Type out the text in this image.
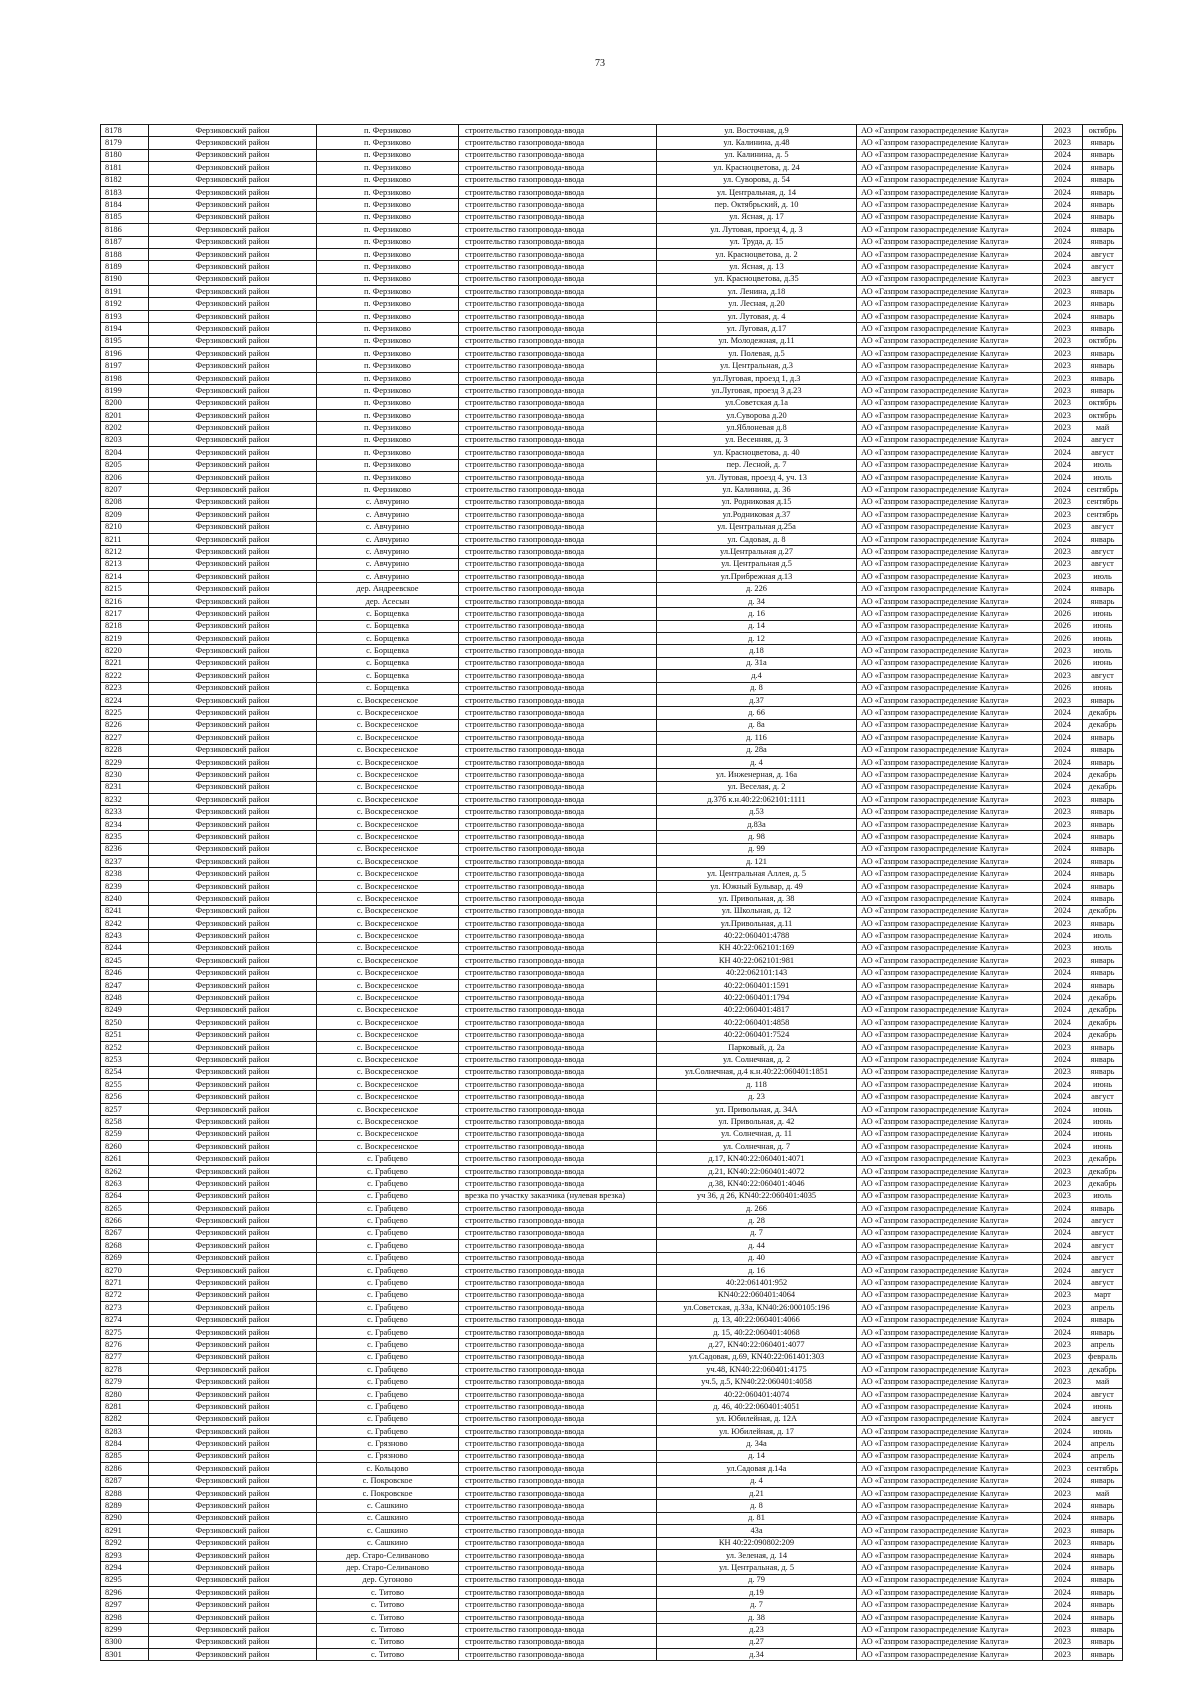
73
8178	Ферзиковский район	п. Ферзиково	строительство газопровода-ввода	ул. Восточная, д.9	АО «Газпром газораспределение Калуга»	2023	октябрь
8179	Ферзиковский район	п. Ферзиково	строительство газопровода-ввода	ул. Калинина, д.48	АО «Газпром газораспределение Калуга»	2023	январь
8180	Ферзиковский район	п. Ферзиково	строительство газопровода-ввода	ул. Калинина, д. 5	АО «Газпром газораспределение Калуга»	2024	январь
8181	Ферзиковский район	п. Ферзиково	строительство газопровода-ввода	ул. Красноцветова, д. 24	АО «Газпром газораспределение Калуга»	2024	январь
8182	Ферзиковский район	п. Ферзиково	строительство газопровода-ввода	ул. Суворова, д. 54	АО «Газпром газораспределение Калуга»	2024	январь
8183	Ферзиковский район	п. Ферзиково	строительство газопровода-ввода	ул. Центральная, д. 14	АО «Газпром газораспределение Калуга»	2024	январь
8184	Ферзиковский район	п. Ферзиково	строительство газопровода-ввода	пер. Октябрьский, д. 10	АО «Газпром газораспределение Калуга»	2024	январь
8185	Ферзиковский район	п. Ферзиково	строительство газопровода-ввода	ул. Ясная, д. 17	АО «Газпром газораспределение Калуга»	2024	январь
8186	Ферзиковский район	п. Ферзиково	строительство газопровода-ввода	ул. Лутовая, проезд 4, д. 3	АО «Газпром газораспределение Калуга»	2024	январь
8187	Ферзиковский район	п. Ферзиково	строительство газопровода-ввода	ул. Труда, д. 15	АО «Газпром газораспределение Калуга»	2024	январь
8188	Ферзиковский район	п. Ферзиково	строительство газопровода-ввода	ул. Красноцветова, д. 2	АО «Газпром газораспределение Калуга»	2024	август
8189	Ферзиковский район	п. Ферзиково	строительство газопровода-ввода	ул. Ясная, д. 13	АО «Газпром газораспределение Калуга»	2024	август
8190	Ферзиковский район	п. Ферзиково	строительство газопровода-ввода	ул. Красноцветова, д.35	АО «Газпром газораспределение Калуга»	2023	август
8191	Ферзиковский район	п. Ферзиково	строительство газопровода-ввода	ул. Ленина, д.18	АО «Газпром газораспределение Калуга»	2023	январь
8192	Ферзиковский район	п. Ферзиково	строительство газопровода-ввода	ул. Лесная, д.20	АО «Газпром газораспределение Калуга»	2023	январь
8193	Ферзиковский район	п. Ферзиково	строительство газопровода-ввода	ул. Лутовая, д. 4	АО «Газпром газораспределение Калуга»	2024	январь
8194	Ферзиковский район	п. Ферзиково	строительство газопровода-ввода	ул. Луговая, д.17	АО «Газпром газораспределение Калуга»	2023	январь
8195	Ферзиковский район	п. Ферзиково	строительство газопровода-ввода	ул. Молодежная, д.11	АО «Газпром газораспределение Калуга»	2023	октябрь
8196	Ферзиковский район	п. Ферзиково	строительство газопровода-ввода	ул. Полевая, д.5	АО «Газпром газораспределение Калуга»	2023	январь
8197	Ферзиковский район	п. Ферзиково	строительство газопровода-ввода	ул. Центральная, д.3	АО «Газпром газораспределение Калуга»	2023	январь
8198	Ферзиковский район	п. Ферзиково	строительство газопровода-ввода	ул.Луговая, проезд 1, д.3	АО «Газпром газораспределение Калуга»	2023	январь
8199	Ферзиковский район	п. Ферзиково	строительство газопровода-ввода	ул.Луговая, проезд 3 д.23	АО «Газпром газораспределение Калуга»	2023	январь
8200	Ферзиковский район	п. Ферзиково	строительство газопровода-ввода	ул.Советская д.1а	АО «Газпром газораспределение Калуга»	2023	октябрь
8201	Ферзиковский район	п. Ферзиково	строительство газопровода-ввода	ул.Суворова д.20	АО «Газпром газораспределение Калуга»	2023	октябрь
8202	Ферзиковский район	п. Ферзиково	строительство газопровода-ввода	ул.Яблоневая д.8	АО «Газпром газораспределение Калуга»	2023	май
8203	Ферзиковский район	п. Ферзиково	строительство газопровода-ввода	ул. Весенняя, д. 3	АО «Газпром газораспределение Калуга»	2024	август
8204	Ферзиковский район	п. Ферзиково	строительство газопровода-ввода	ул. Красноцветова, д. 40	АО «Газпром газораспределение Калуга»	2024	август
8205	Ферзиковский район	п. Ферзиково	строительство газопровода-ввода	пер. Лесной, д. 7	АО «Газпром газораспределение Калуга»	2024	июль
8206	Ферзиковский район	п. Ферзиково	строительство газопровода-ввода	ул. Лутовая, проезд 4, уч. 13	АО «Газпром газораспределение Калуга»	2024	июль
8207	Ферзиковский район	п. Ферзиково	строительство газопровода-ввода	ул. Калинина, д. 36	АО «Газпром газораспределение Калуга»	2024	сентябрь
8208	Ферзиковский район	с. Авчурино	строительство газопровода-ввода	ул. Родниковая д.15	АО «Газпром газораспределение Калуга»	2023	сентябрь
8209	Ферзиковский район	с. Авчурино	строительство газопровода-ввода	ул.Родниковая д.37	АО «Газпром газораспределение Калуга»	2023	сентябрь
8210	Ферзиковский район	с. Авчурино	строительство газопровода-ввода	ул. Центральная д.25а	АО «Газпром газораспределение Калуга»	2023	август
8211	Ферзиковский район	с. Авчурино	строительство газопровода-ввода	ул. Садовая, д. 8	АО «Газпром газораспределение Калуга»	2024	январь
8212	Ферзиковский район	с. Авчурино	строительство газопровода-ввода	ул.Центральная д.27	АО «Газпром газораспределение Калуга»	2023	август
8213	Ферзиковский район	с. Авчурино	строительство газопровода-ввода	ул. Центральная д.5	АО «Газпром газораспределение Калуга»	2023	август
8214	Ферзиковский район	с. Авчурино	строительство газопровода-ввода	ул.Прибрежная д.13	АО «Газпром газораспределение Калуга»	2023	июль
8215	Ферзиковский район	дер. Андреевское	строительство газопровода-ввода	д. 226	АО «Газпром газораспределение Калуга»	2024	январь
8216	Ферзиковский район	дер. Асесын	строительство газопровода-ввода	д. 34	АО «Газпром газораспределение Калуга»	2024	январь
8217	Ферзиковский район	с. Борщевка	строительство газопровода-ввода	д. 16	АО «Газпром газораспределение Калуга»	2026	июнь
8218	Ферзиковский район	с. Борщевка	строительство газопровода-ввода	д. 14	АО «Газпром газораспределение Калуга»	2026	июнь
8219	Ферзиковский район	с. Борщевка	строительство газопровода-ввода	д. 12	АО «Газпром газораспределение Калуга»	2026	июнь
8220	Ферзиковский район	с. Борщевка	строительство газопровода-ввода	д.18	АО «Газпром газораспределение Калуга»	2023	июль
8221	Ферзиковский район	с. Борщевка	строительство газопровода-ввода	д. 31а	АО «Газпром газораспределение Калуга»	2026	июнь
8222	Ферзиковский район	с. Борщевка	строительство газопровода-ввода	д.4	АО «Газпром газораспределение Калуга»	2023	август
8223	Ферзиковский район	с. Борщевка	строительство газопровода-ввода	д. 8	АО «Газпром газораспределение Калуга»	2026	июнь
8224	Ферзиковский район	с. Воскресенское	строительство газопровода-ввода	д.37	АО «Газпром газораспределение Калуга»	2023	январь
8225	Ферзиковский район	с. Воскресенское	строительство газопровода-ввода	д. 66	АО «Газпром газораспределение Калуга»	2024	декабрь
8226	Ферзиковский район	с. Воскресенское	строительство газопровода-ввода	д. 8а	АО «Газпром газораспределение Калуга»	2024	декабрь
8227	Ферзиковский район	с. Воскресенское	строительство газопровода-ввода	д. 116	АО «Газпром газораспределение Калуга»	2024	январь
8228	Ферзиковский район	с. Воскресенское	строительство газопровода-ввода	д. 28а	АО «Газпром газораспределение Калуга»	2024	январь
8229	Ферзиковский район	с. Воскресенское	строительство газопровода-ввода	д. 4	АО «Газпром газораспределение Калуга»	2024	январь
8230	Ферзиковский район	с. Воскресенское	строительство газопровода-ввода	ул. Инженерная, д. 16а	АО «Газпром газораспределение Калуга»	2024	декабрь
8231	Ферзиковский район	с. Воскресенское	строительство газопровода-ввода	ул. Веселая, д. 2	АО «Газпром газораспределение Калуга»	2024	декабрь
8232	Ферзиковский район	с. Воскресенское	строительство газопровода-ввода	д.37б к.н.40:22:062101:1111	АО «Газпром газораспределение Калуга»	2023	январь
8233	Ферзиковский район	с. Воскресенское	строительство газопровода-ввода	д.53	АО «Газпром газораспределение Калуга»	2023	январь
8234	Ферзиковский район	с. Воскресенское	строительство газопровода-ввода	д.83а	АО «Газпром газораспределение Калуга»	2023	январь
8235	Ферзиковский район	с. Воскресенское	строительство газопровода-ввода	д. 98	АО «Газпром газораспределение Калуга»	2024	январь
8236	Ферзиковский район	с. Воскресенское	строительство газопровода-ввода	д. 99	АО «Газпром газораспределение Калуга»	2024	январь
8237	Ферзиковский район	с. Воскресенское	строительство газопровода-ввода	д. 121	АО «Газпром газораспределение Калуга»	2024	январь
8238	Ферзиковский район	с. Воскресенское	строительство газопровода-ввода	ул. Центральная Аллея, д. 5	АО «Газпром газораспределение Калуга»	2024	январь
8239	Ферзиковский район	с. Воскресенское	строительство газопровода-ввода	ул. Южный Бульвар, д. 49	АО «Газпром газораспределение Калуга»	2024	январь
8240	Ферзиковский район	с. Воскресенское	строительство газопровода-ввода	ул. Привольная, д. 38	АО «Газпром газораспределение Калуга»	2024	январь
8241	Ферзиковский район	с. Воскресенское	строительство газопровода-ввода	ул. Школьная, д. 12	АО «Газпром газораспределение Калуга»	2024	декабрь
8242	Ферзиковский район	с. Воскресенское	строительство газопровода-ввода	ул.Привольная, д.11	АО «Газпром газораспределение Калуга»	2023	январь
8243	Ферзиковский район	с. Воскресенское	строительство газопровода-ввода	40:22:060401:4788	АО «Газпром газораспределение Калуга»	2024	июль
8244	Ферзиковский район	с. Воскресенское	строительство газопровода-ввода	КН 40:22:062101:169	АО «Газпром газораспределение Калуга»	2023	июль
8245	Ферзиковский район	с. Воскресенское	строительство газопровода-ввода	КН 40:22:062101:981	АО «Газпром газораспределение Калуга»	2023	январь
8246	Ферзиковский район	с. Воскресенское	строительство газопровода-ввода	40:22:062101:143	АО «Газпром газораспределение Калуга»	2024	январь
8247	Ферзиковский район	с. Воскресенское	строительство газопровода-ввода	40:22:060401:1591	АО «Газпром газораспределение Калуга»	2024	январь
8248	Ферзиковский район	с. Воскресенское	строительство газопровода-ввода	40:22:060401:1794	АО «Газпром газораспределение Калуга»	2024	декабрь
8249	Ферзиковский район	с. Воскресенское	строительство газопровода-ввода	40:22:060401:4817	АО «Газпром газораспределение Калуга»	2024	декабрь
8250	Ферзиковский район	с. Воскресенское	строительство газопровода-ввода	40:22:060401:4858	АО «Газпром газораспределение Калуга»	2024	декабрь
8251	Ферзиковский район	с. Воскресенское	строительство газопровода-ввода	40:22:060401:7524	АО «Газпром газораспределение Калуга»	2024	декабрь
8252	Ферзиковский район	с. Воскресенское	строительство газопровода-ввода	Парковый, д. 2а	АО «Газпром газораспределение Калуга»	2023	январь
8253	Ферзиковский район	с. Воскресенское	строительство газопровода-ввода	ул. Солнечная, д. 2	АО «Газпром газораспределение Калуга»	2024	январь
8254	Ферзиковский район	с. Воскресенское	строительство газопровода-ввода	ул.Солнечная, д.4 к.н.40:22:060401:1851	АО «Газпром газораспределение Калуга»	2023	январь
8255	Ферзиковский район	с. Воскресенское	строительство газопровода-ввода	д. 118	АО «Газпром газораспределение Калуга»	2024	июнь
8256	Ферзиковский район	с. Воскресенское	строительство газопровода-ввода	д. 23	АО «Газпром газораспределение Калуга»	2024	август
8257	Ферзиковский район	с. Воскресенское	строительство газопровода-ввода	ул. Привольная, д. 34А	АО «Газпром газораспределение Калуга»	2024	июнь
8258	Ферзиковский район	с. Воскресенское	строительство газопровода-ввода	ул. Привольная, д. 42	АО «Газпром газораспределение Калуга»	2024	июнь
8259	Ферзиковский район	с. Воскресенское	строительство газопровода-ввода	ул. Солнечная, д. 11	АО «Газпром газораспределение Калуга»	2024	июнь
8260	Ферзиковский район	с. Воскресенское	строительство газопровода-ввода	ул. Солнечная, д. 7	АО «Газпром газораспределение Калуга»	2024	июнь
8261	Ферзиковский район	с. Грабцево	строительство газопровода-ввода	д.17, КN40:22:060401:4071	АО «Газпром газораспределение Калуга»	2023	декабрь
8262	Ферзиковский район	с. Грабцево	строительство газопровода-ввода	д.21, КN40:22:060401:4072	АО «Газпром газораспределение Калуга»	2023	декабрь
8263	Ферзиковский район	с. Грабцево	строительство газопровода-ввода	д.38, КN40:22:060401:4046	АО «Газпром газораспределение Калуга»	2023	декабрь
8264	Ферзиковский район	с. Грабцево	врезка по участку заказчика (нулевая врезка)	уч 36, д 26, КN40:22:060401:4035	АО «Газпром газораспределение Калуга»	2023	июль
8265	Ферзиковский район	с. Грабцево	строительство газопровода-ввода	д. 266	АО «Газпром газораспределение Калуга»	2024	январь
8266	Ферзиковский район	с. Грабцево	строительство газопровода-ввода	д. 28	АО «Газпром газораспределение Калуга»	2024	август
8267	Ферзиковский район	с. Грабцево	строительство газопровода-ввода	д. 7	АО «Газпром газораспределение Калуга»	2024	август
8268	Ферзиковский район	с. Грабцево	строительство газопровода-ввода	д. 44	АО «Газпром газораспределение Калуга»	2024	август
8269	Ферзиковский район	с. Грабцево	строительство газопровода-ввода	д. 40	АО «Газпром газораспределение Калуга»	2024	август
8270	Ферзиковский район	с. Грабцево	строительство газопровода-ввода	д. 16	АО «Газпром газораспределение Калуга»	2024	август
8271	Ферзиковский район	с. Грабцево	строительство газопровода-ввода	40:22:061401:952	АО «Газпром газораспределение Калуга»	2024	август
8272	Ферзиковский район	с. Грабцево	строительство газопровода-ввода	КN40:22:060401:4064	АО «Газпром газораспределение Калуга»	2023	март
8273	Ферзиковский район	с. Грабцево	строительство газопровода-ввода	ул.Советская, д.33а, КN40:26:000105:196	АО «Газпром газораспределение Калуга»	2023	апрель
8274	Ферзиковский район	с. Грабцево	строительство газопровода-ввода	д. 13, 40:22:060401:4066	АО «Газпром газораспределение Калуга»	2024	январь
8275	Ферзиковский район	с. Грабцево	строительство газопровода-ввода	д. 15, 40:22:060401:4068	АО «Газпром газораспределение Калуга»	2024	январь
8276	Ферзиковский район	с. Грабцево	строительство газопровода-ввода	д.27, КN40:22:060401:4077	АО «Газпром газораспределение Калуга»	2023	апрель
8277	Ферзиковский район	с. Грабцево	строительство газопровода-ввода	ул.Садовая, д.69, КN40:22:061401:303	АО «Газпром газораспределение Калуга»	2023	февраль
8278	Ферзиковский район	с. Грабцево	строительство газопровода-ввода	уч.48, КN40:22:060401:4175	АО «Газпром газораспределение Калуга»	2023	декабрь
8279	Ферзиковский район	с. Грабцево	строительство газопровода-ввода	уч.5, д.5, КN40:22:060401:4058	АО «Газпром газораспределение Калуга»	2023	май
8280	Ферзиковский район	с. Грабцево	строительство газопровода-ввода	40:22:060401:4074	АО «Газпром газораспределение Калуга»	2024	август
8281	Ферзиковский район	с. Грабцево	строительство газопровода-ввода	д. 46, 40:22:060401:4051	АО «Газпром газораспределение Калуга»	2024	июнь
8282	Ферзиковский район	с. Грабцево	строительство газопровода-ввода	ул. Юбилейная, д. 12А	АО «Газпром газораспределение Калуга»	2024	август
8283	Ферзиковский район	с. Грабцево	строительство газопровода-ввода	ул. Юбилейная, д. 17	АО «Газпром газораспределение Калуга»	2024	июнь
8284	Ферзиковский район	с. Грязново	строительство газопровода-ввода	д. 34а	АО «Газпром газораспределение Калуга»	2024	апрель
8285	Ферзиковский район	с. Грязново	строительство газопровода-ввода	д. 14	АО «Газпром газораспределение Калуга»	2024	апрель
8286	Ферзиковский район	с. Кольцово	строительство газопровода-ввода	ул.Садовая д.14а	АО «Газпром газораспределение Калуга»	2023	сентябрь
8287	Ферзиковский район	с. Покровское	строительство газопровода-ввода	д. 4	АО «Газпром газораспределение Калуга»	2024	январь
8288	Ферзиковский район	с. Покровское	строительство газопровода-ввода	д.21	АО «Газпром газораспределение Калуга»	2023	май
8289	Ферзиковский район	с. Сашкино	строительство газопровода-ввода	д. 8	АО «Газпром газораспределение Калуга»	2024	январь
8290	Ферзиковский район	с. Сашкино	строительство газопровода-ввода	д. 81	АО «Газпром газораспределение Калуга»	2024	январь
8291	Ферзиковский район	с. Сашкино	строительство газопровода-ввода	43а	АО «Газпром газораспределение Калуга»	2023	январь
8292	Ферзиковский район	с. Сашкино	строительство газопровода-ввода	КН 40:22:090802:209	АО «Газпром газораспределение Калуга»	2023	январь
8293	Ферзиковский район	дер. Старо-Селиваново	строительство газопровода-ввода	ул. Зеленая, д. 14	АО «Газпром газораспределение Калуга»	2024	январь
8294	Ферзиковский район	дер. Старо-Селиваново	строительство газопровода-ввода	ул. Центральная, д. 5	АО «Газпром газораспределение Калуга»	2024	январь
8295	Ферзиковский район	дер. Сугоново	строительство газопровода-ввода	д. 79	АО «Газпром газораспределение Калуга»	2024	январь
8296	Ферзиковский район	с. Титово	строительство газопровода-ввода	д.19	АО «Газпром газораспределение Калуга»	2024	январь
8297	Ферзиковский район	с. Титово	строительство газопровода-ввода	д. 7	АО «Газпром газораспределение Калуга»	2024	январь
8298	Ферзиковский район	с. Титово	строительство газопровода-ввода	д. 38	АО «Газпром газораспределение Калуга»	2024	январь
8299	Ферзиковский район	с. Титово	строительство газопровода-ввода	д.23	АО «Газпром газораспределение Калуга»	2023	январь
8300	Ферзиковский район	с. Титово	строительство газопровода-ввода	д.27	АО «Газпром газораспределение Калуга»	2023	январь
8301	Ферзиковский район	с. Титово	строительство газопровода-ввода	д.34	АО «Газпром газораспределение Калуга»	2023	январь
